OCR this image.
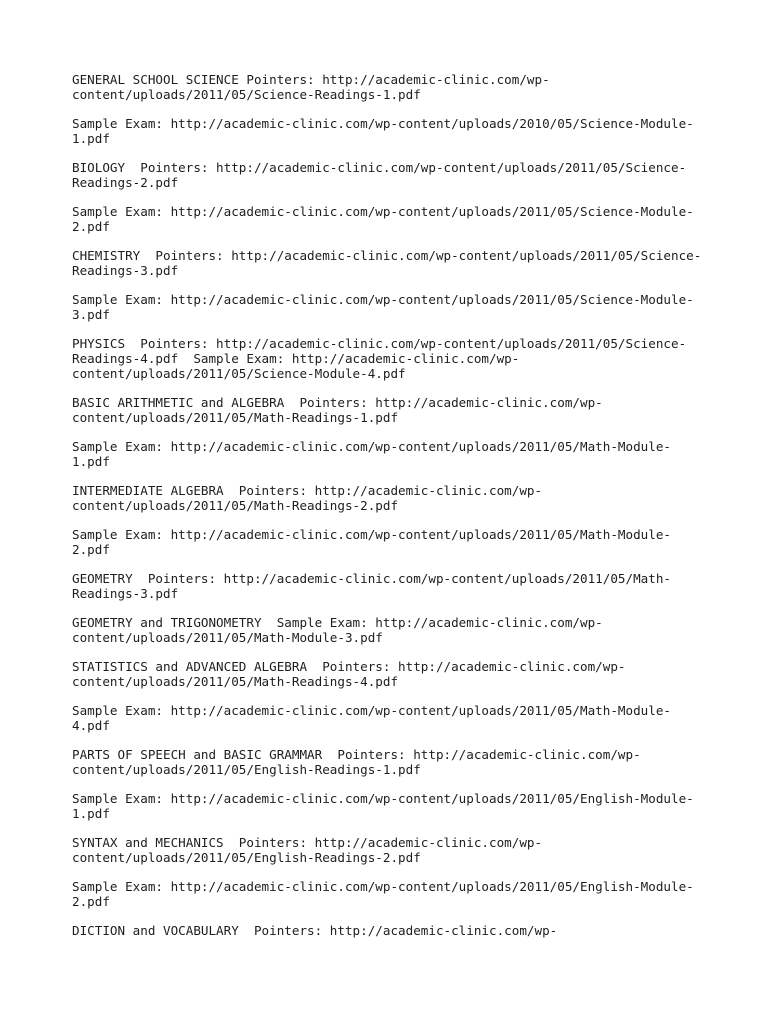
GENERAL SCHOOL SCIENCE Pointers: http://academic-clinic.com/wp-
content/uploads/2011/05/Science-Readings-1.pdf
Sample Exam: http://academic-clinic.com/wp-content/uploads/2010/05/Science-Module-
1.pdf
BIOLOGY  Pointers: http://academic-clinic.com/wp-content/uploads/2011/05/Science-
Readings-2.pdf
Sample Exam: http://academic-clinic.com/wp-content/uploads/2011/05/Science-Module-
2.pdf
CHEMISTRY  Pointers: http://academic-clinic.com/wp-content/uploads/2011/05/Science-
Readings-3.pdf
Sample Exam: http://academic-clinic.com/wp-content/uploads/2011/05/Science-Module-
3.pdf
PHYSICS  Pointers: http://academic-clinic.com/wp-content/uploads/2011/05/Science-
Readings-4.pdf  Sample Exam: http://academic-clinic.com/wp-
content/uploads/2011/05/Science-Module-4.pdf
BASIC ARITHMETIC and ALGEBRA  Pointers: http://academic-clinic.com/wp-
content/uploads/2011/05/Math-Readings-1.pdf
Sample Exam: http://academic-clinic.com/wp-content/uploads/2011/05/Math-Module-
1.pdf
INTERMEDIATE ALGEBRA  Pointers: http://academic-clinic.com/wp-
content/uploads/2011/05/Math-Readings-2.pdf
Sample Exam: http://academic-clinic.com/wp-content/uploads/2011/05/Math-Module-
2.pdf
GEOMETRY  Pointers: http://academic-clinic.com/wp-content/uploads/2011/05/Math-
Readings-3.pdf
GEOMETRY and TRIGONOMETRY  Sample Exam: http://academic-clinic.com/wp-
content/uploads/2011/05/Math-Module-3.pdf
STATISTICS and ADVANCED ALGEBRA  Pointers: http://academic-clinic.com/wp-
content/uploads/2011/05/Math-Readings-4.pdf
Sample Exam: http://academic-clinic.com/wp-content/uploads/2011/05/Math-Module-
4.pdf
PARTS OF SPEECH and BASIC GRAMMAR  Pointers: http://academic-clinic.com/wp-
content/uploads/2011/05/English-Readings-1.pdf
Sample Exam: http://academic-clinic.com/wp-content/uploads/2011/05/English-Module-
1.pdf
SYNTAX and MECHANICS  Pointers: http://academic-clinic.com/wp-
content/uploads/2011/05/English-Readings-2.pdf
Sample Exam: http://academic-clinic.com/wp-content/uploads/2011/05/English-Module-
2.pdf
DICTION and VOCABULARY  Pointers: http://academic-clinic.com/wp-
